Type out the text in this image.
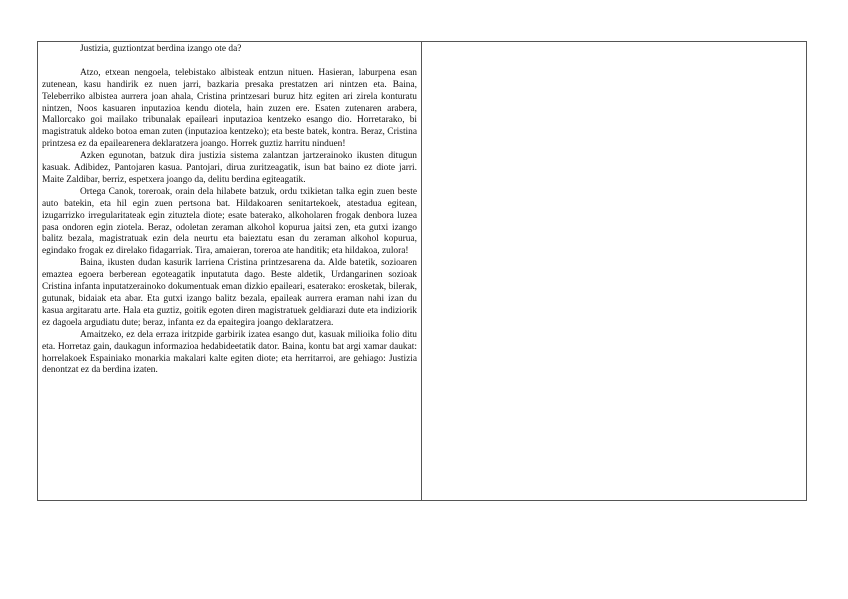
Justizia, guztiontzat berdina izango ote da?

Atzo, etxean nengoela, telebistako albisteak entzun nituen. Hasieran, laburpena esan zutenean, kasu handirik ez nuen jarri, bazkaria presaka prestatzen ari nintzen eta. Baina, Teleberriko albistea aurrera joan ahala, Cristina printzesari buruz hitz egiten ari zirela konturatu nintzen, Noos kasuaren inputazioa kendu diotela, hain zuzen ere. Esaten zutenaren arabera, Mallorcako goi mailako tribunalak epaileari inputazioa kentzeko esango dio. Horretarako, bi magistratuk aldeko botoa eman zuten (inputazioa kentzeko); eta beste batek, kontra. Beraz, Cristina printzesa ez da epailearenera deklaratzera joango. Horrek guztiz harritu ninduen!

Azken egunotan, batzuk dira justizia sistema zalantzan jartzerainoko ikusten ditugun kasuak. Adibidez, Pantojaren kasua. Pantojari, dirua zuritzeagatik, isun bat baino ez diote jarri. Maite Zaldibar, berriz, espetxera joango da, delitu berdina egiteagatik.

Ortega Canok, toreroak, orain dela hilabete batzuk, ordu txikietan talka egin zuen beste auto batekin, eta hil egin zuen pertsona bat. Hildakoaren senitartekoek, atestadua egitean, izugarrizko irregularitateak egin zituztela diote; esate baterako, alkoholaren frogak denbora luzea pasa ondoren egin ziotela. Beraz, odoletan zeraman alkohol kopurua jaitsi zen, eta gutxi izango balitz bezala, magistratuak ezin dela neurtu eta baieztatu esan du zeraman alkohol kopurua, egindako frogak ez direlako fidagarriak. Tira, amaieran, toreroa ate handitik; eta hildakoa, zulora!

Baina, ikusten dudan kasurik larriena Cristina printzesarena da. Alde batetik, sozioaren emaztea egoera berberean egoteagatik inputatuta dago. Beste aldetik, Urdangarinen sozioak Cristina infanta inputatzerainoko dokumentuak eman dizkio epaileari, esaterako: erosketak, bilerak, gutunak, bidaiak eta abar. Eta gutxi izango balitz bezala, epaileak aurrera eraman nahi izan du kasua argitaratu arte. Hala eta guztiz, goitik egoten diren magistratuek geldiarazi dute eta indiziorik ez dagoela argudiatu dute; beraz, infanta ez da epaitegira joango deklaratzera.

Amaitzeko, ez dela erraza iritzpide garbirik izatea esango dut, kasuak milioika folio ditu eta. Horretaz gain, daukagun informazioa hedabideetatik dator. Baina, kontu bat argi xamar daukat: horrelakoek Espainiako monarkia makalari kalte egiten diote; eta herritarroi, are gehiago: Justizia denontzat ez da berdina izaten.
